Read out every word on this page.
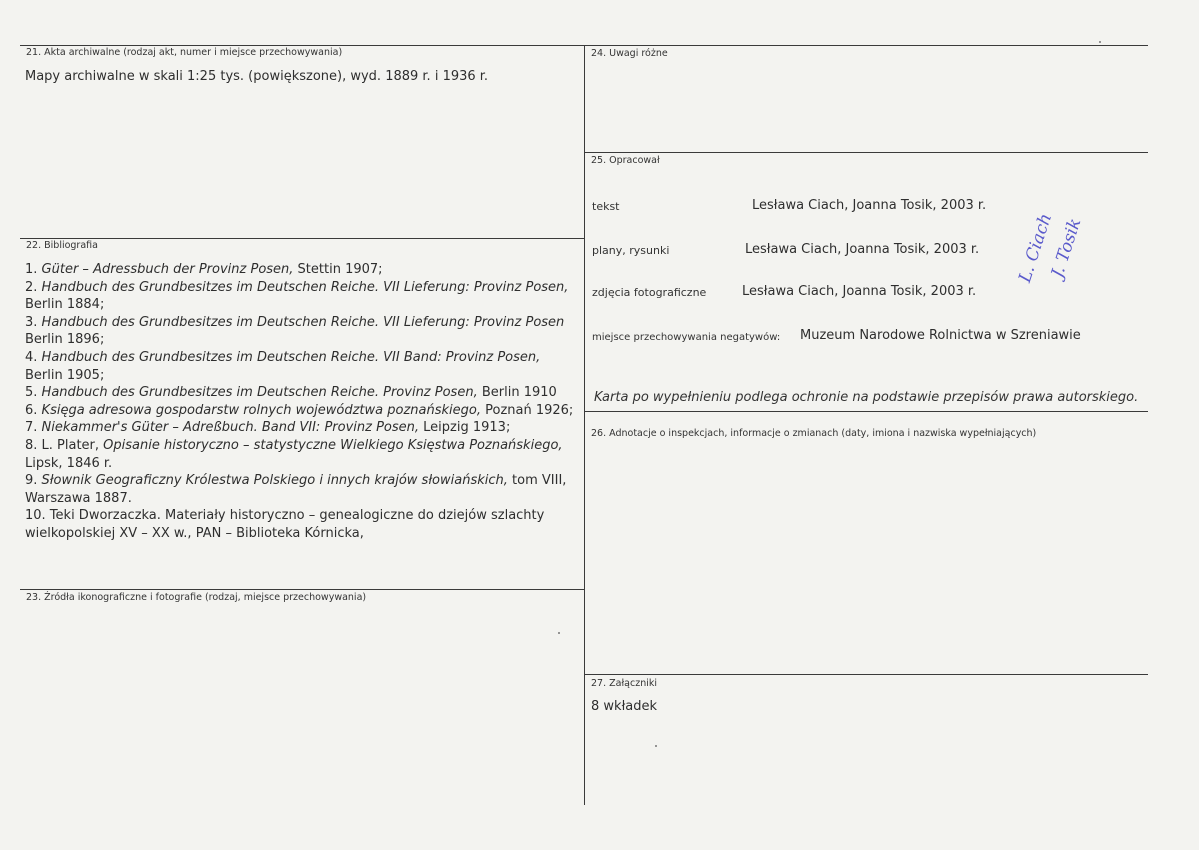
21. Akta archiwalne (rodzaj akt, numer i miejsce przechowywania)
Mapy archiwalne w skali 1:25 tys. (powiększone), wyd. 1889 r. i 1936 r.
22. Bibliografia
1. Güter – Adressbuch der Provinz Posen, Stettin 1907;
2. Handbuch des Grundbesitzes im Deutschen Reiche. VII Lieferung: Provinz Posen, Berlin 1884;
3. Handbuch des Grundbesitzes im Deutschen Reiche. VII Lieferung: Provinz Posen Berlin 1896;
4. Handbuch des Grundbesitzes im Deutschen Reiche. VII Band: Provinz Posen, Berlin 1905;
5. Handbuch des Grundbesitzes im Deutschen Reiche. Provinz Posen, Berlin 1910
6. Księga adresowa gospodarstw rolnych województwa poznańskiego, Poznań 1926;
7. Niekammer's Güter – Adreßbuch. Band VII: Provinz Posen, Leipzig 1913;
8. L. Plater, Opisanie historyczno – statystyczne Wielkiego Księstwa Poznańskiego, Lipsk, 1846 r.
9. Słownik Geograficzny Królestwa Polskiego i innych krajów słowiańskich, tom VIII,
Warszawa 1887.
10. Teki Dworzaczka. Materiały historyczno – genealogiczne do dziejów szlachty wielkopolskiej XV – XX w., PAN – Biblioteka Kórnicka,
23. Źródła ikonograficzne i fotografie (rodzaj, miejsce przechowywania)
24. Uwagi różne
25. Opracował
tekst	Lesława Ciach, Joanna Tosik, 2003 r.
plany, rysunki	Lesława Ciach, Joanna Tosik, 2003 r.
zdjęcia fotograficzne	Lesława Ciach, Joanna Tosik, 2003 r.
miejsce przechowywania negatywów: Muzeum Narodowe Rolnictwa w Szreniawie
Karta po wypełnieniu podlega ochronie na podstawie przepisów prawa autorskiego.
L. Ciach
J. Tosik
26. Adnotacje o inspekcjach, informacje o zmianach (daty, imiona i nazwiska wypełniających)
27. Załączniki
8 wkładek
